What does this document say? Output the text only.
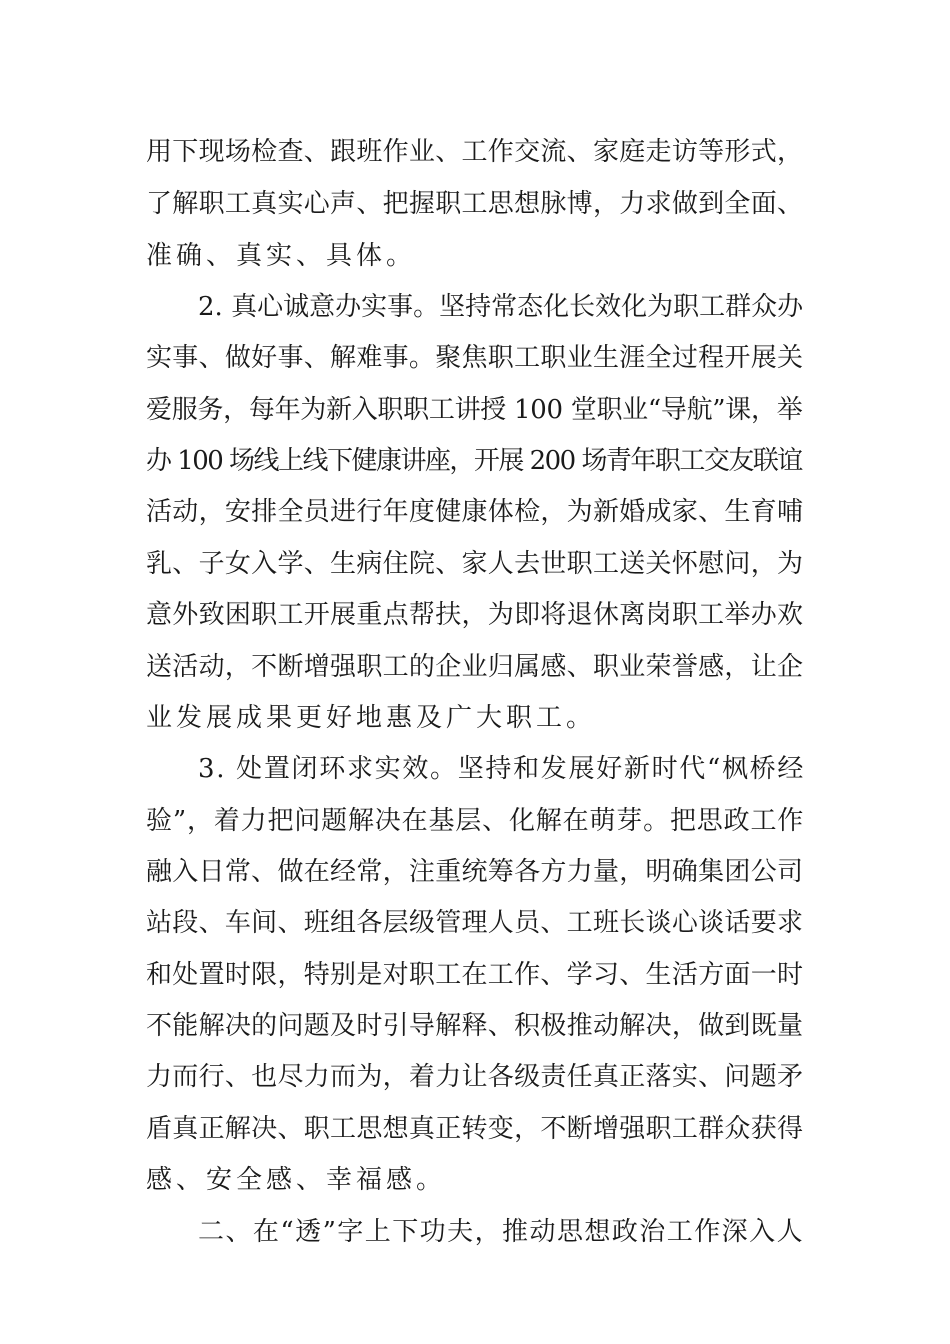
用下现场检查、跟班作业、工作交流、家庭走访等形式，
了解职工真实心声、把握职工思想脉博，力求做到全面、
准确、真实、具体。
2. 真心诚意办实事。坚持常态化长效化为职工群众办
实事、做好事、解难事。聚焦职工职业生涯全过程开展关
爱服务，每年为新入职职工讲授 100 堂职业“导航”课，举
办 100 场线上线下健康讲座，开展 200 场青年职工交友联谊
活动，安排全员进行年度健康体检，为新婚成家、生育哺
乳、子女入学、生病住院、家人去世职工送关怀慰问，为
意外致困职工开展重点帮扶，为即将退休离岗职工举办欢
送活动，不断增强职工的企业归属感、职业荣誉感，让企
业发展成果更好地惠及广大职工。
3. 处置闭环求实效。坚持和发展好新时代“枫桥经
验”，着力把问题解决在基层、化解在萌芽。把思政工作
融入日常、做在经常，注重统筹各方力量，明确集团公司
站段、车间、班组各层级管理人员、工班长谈心谈话要求
和处置时限，特别是对职工在工作、学习、生活方面一时
不能解决的问题及时引导解释、积极推动解决，做到既量
力而行、也尽力而为，着力让各级责任真正落实、问题矛
盾真正解决、职工思想真正转变，不断增强职工群众获得
感、安全感、幸福感。
二、在“透”字上下功夫，推动思想政治工作深入人
